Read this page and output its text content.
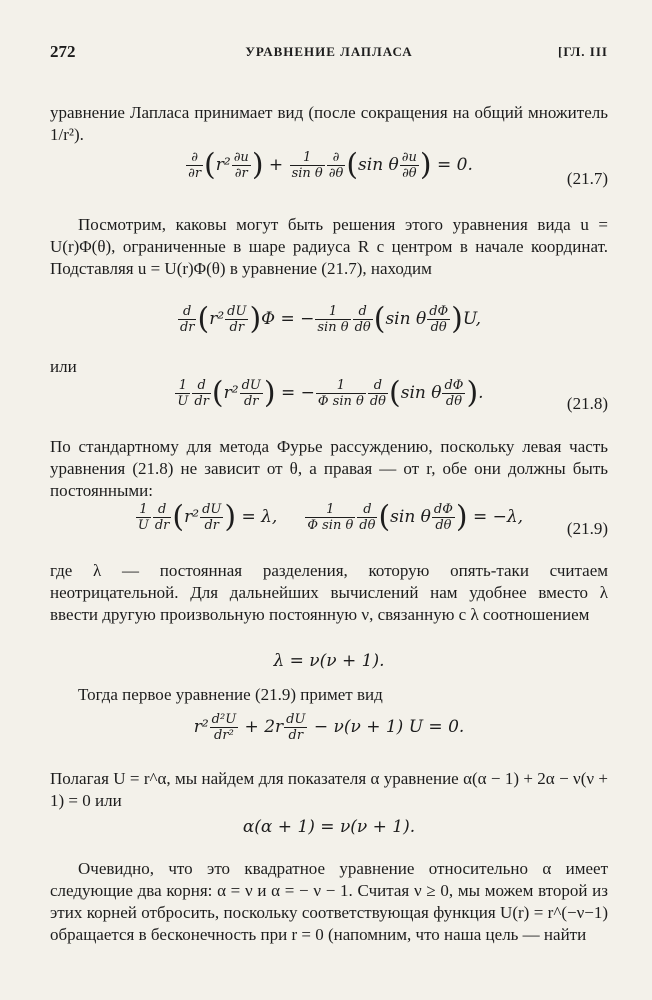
272	УРАВНЕНИЕ ЛАПЛАСА	[ГЛ. III

уравнение Лапласа принимает вид (после сокращения на общий множитель 1/r²).

∂
∂r ($r^2 \frac{\partial u}{\partial r}$ ) + $\frac{1}{\text{sin θ}}$ ∂
∂θ (sin θ $\frac{\partial u}{\partial\theta}$ ) = 0.
(21.7)

Посмотрим, каковы могут быть решения этого уравнения вида u = U(r)Φ(θ), ограниченные в шаре радиуса R с центром в начале координат. Подставляя u = U(r)Φ(θ) в уравнение (21.7), находим

$\frac{d}{dr} (r^2 \frac{dU}{dr} )\Phi$ = − $\frac{1}{\text{sin θ}} \frac{d}{d\theta} (\sin$ θ $\frac{d\Phi}{d\theta} )U$,

или

$\frac{1}{U} \frac{d}{dr} (r^2 \frac{dU}{dr}$ ) = − $\frac{1}{\text{Φ sin θ}} \frac{d}{d\theta} (\sin$ θ $\frac{d\Phi}{d\theta}$ ).
(21.8)

По стандартному для метода Фурье рассуждению, поскольку левая часть уравнения (21.8) не зависит от θ, а правая — от r, обе они должны быть постоянными:

$\frac{1}{U} \frac{d}{dr} (r^2 \frac{dU}{dr}$ ) = λ, $\frac{1}{\text{Φ sin θ}} \frac{d}{d\theta} (\sin$ θ $\frac{d\Phi}{d\theta}$ ) = −λ,
(21.9)

где λ — постоянная разделения, которую опять-таки считаем неотрицательной. Для дальнейших вычислений нам удобнее вместо λ ввести другую произвольную постоянную ν, связанную с λ соотношением

λ = ν(ν + 1).

Тогда первое уравнение (21.9) примет вид

$r^2 \frac{\text{d²U}}{\text{dr²}} + 2r \frac{dU}{dr} - \nu(\nu + 1) U = 0$.

Полагая U = r^α, мы найдем для показателя α уравнение α(α − 1) + 2α − ν(ν + 1) = 0 или

α(α + 1) = ν(ν + 1).

Очевидно, что это квадратное уравнение относительно α имеет следующие два корня: α = ν и α = − ν − 1. Считая ν ≥ 0, мы можем второй из этих корней отбросить, поскольку соответствующая функция U(r) = r^(−ν−1) обращается в бесконечность при r = 0 (напомним, что наша цель — найти
